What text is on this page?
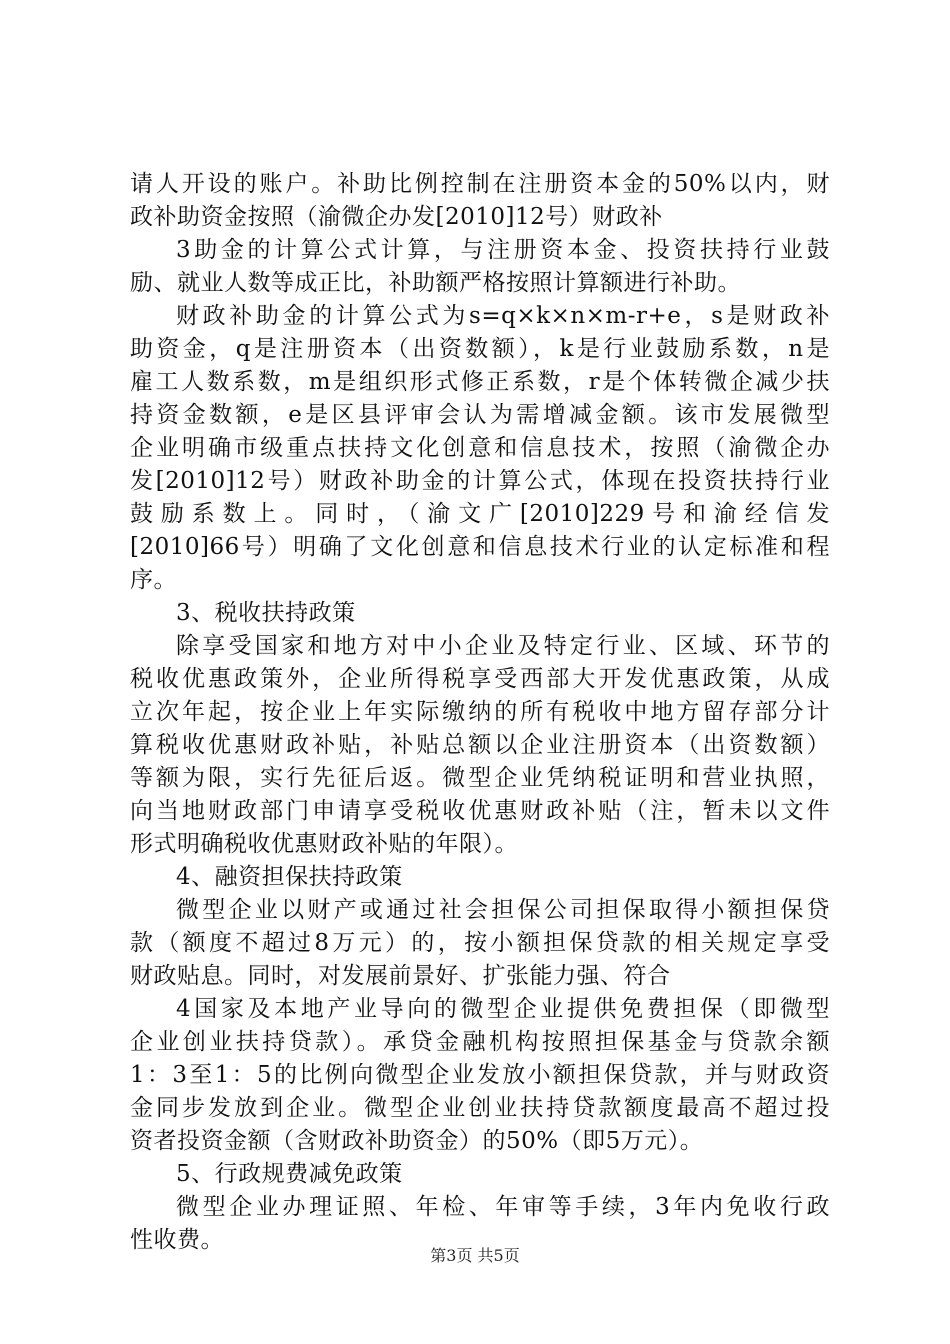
请人开设的账户。补助比例控制在注册资本金的50%以内，财
政补助资金按照（渝微企办发[2010]12号）财政补
3助金的计算公式计算，与注册资本金、投资扶持行业鼓
励、就业人数等成正比，补助额严格按照计算额进行补助。
财政补助金的计算公式为s=q×k×n×m-r+e，s是财政补
助资金，q是注册资本（出资数额），k是行业鼓励系数，n是
雇工人数系数，m是组织形式修正系数，r是个体转微企减少扶
持资金数额，e是区县评审会认为需增减金额。该市发展微型
企业明确市级重点扶持文化创意和信息技术，按照（渝微企办
发[2010]12号）财政补助金的计算公式，体现在投资扶持行业
鼓励系数上。同时，（渝文广[2010]229号和渝经信发
[2010]66号）明确了文化创意和信息技术行业的认定标准和程
序。
3、税收扶持政策
除享受国家和地方对中小企业及特定行业、区域、环节的
税收优惠政策外，企业所得税享受西部大开发优惠政策，从成
立次年起，按企业上年实际缴纳的所有税收中地方留存部分计
算税收优惠财政补贴，补贴总额以企业注册资本（出资数额）
等额为限，实行先征后返。微型企业凭纳税证明和营业执照，
向当地财政部门申请享受税收优惠财政补贴（注，暂未以文件
形式明确税收优惠财政补贴的年限）。
4、融资担保扶持政策
微型企业以财产或通过社会担保公司担保取得小额担保贷
款（额度不超过8万元）的，按小额担保贷款的相关规定享受
财政贴息。同时，对发展前景好、扩张能力强、符合
4国家及本地产业导向的微型企业提供免费担保（即微型
企业创业扶持贷款）。承贷金融机构按照担保基金与贷款余额
1：3至1：5的比例向微型企业发放小额担保贷款，并与财政资
金同步发放到企业。微型企业创业扶持贷款额度最高不超过投
资者投资金额（含财政补助资金）的50%（即5万元）。
5、行政规费减免政策
微型企业办理证照、年检、年审等手续，3年内免收行政
性收费。
第3页 共5页
